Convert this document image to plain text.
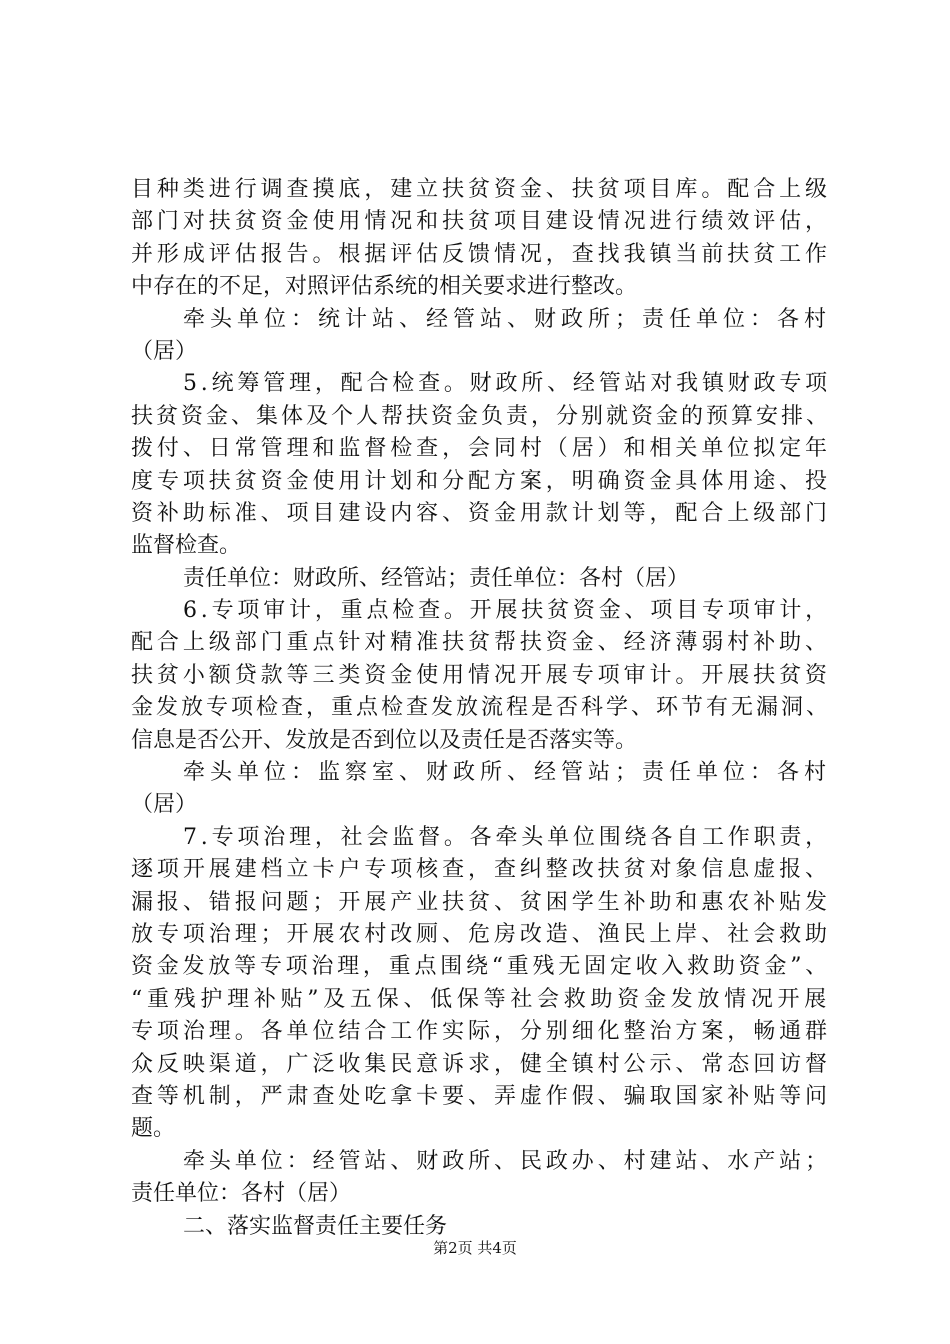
目种类进行调查摸底，建立扶贫资金、扶贫项目库。配合上级
部门对扶贫资金使用情况和扶贫项目建设情况进行绩效评估，
并形成评估报告。根据评估反馈情况，查找我镇当前扶贫工作
中存在的不足，对照评估系统的相关要求进行整改。
牵头单位：统计站、经管站、财政所；责任单位：各村
（居）
5.统筹管理，配合检查。财政所、经管站对我镇财政专项
扶贫资金、集体及个人帮扶资金负责，分别就资金的预算安排、
拨付、日常管理和监督检查，会同村（居）和相关单位拟定年
度专项扶贫资金使用计划和分配方案，明确资金具体用途、投
资补助标准、项目建设内容、资金用款计划等，配合上级部门
监督检查。
责任单位：财政所、经管站；责任单位：各村（居）
6.专项审计，重点检查。开展扶贫资金、项目专项审计，
配合上级部门重点针对精准扶贫帮扶资金、经济薄弱村补助、
扶贫小额贷款等三类资金使用情况开展专项审计。开展扶贫资
金发放专项检查，重点检查发放流程是否科学、环节有无漏洞、
信息是否公开、发放是否到位以及责任是否落实等。
牵头单位：监察室、财政所、经管站；责任单位：各村
（居）
7.专项治理，社会监督。各牵头单位围绕各自工作职责，
逐项开展建档立卡户专项核查，查纠整改扶贫对象信息虚报、
漏报、错报问题；开展产业扶贫、贫困学生补助和惠农补贴发
放专项治理；开展农村改厕、危房改造、渔民上岸、社会救助
资金发放等专项治理，重点围绕“重残无固定收入救助资金”、
“重残护理补贴”及五保、低保等社会救助资金发放情况开展
专项治理。各单位结合工作实际，分别细化整治方案，畅通群
众反映渠道，广泛收集民意诉求，健全镇村公示、常态回访督
查等机制，严肃查处吃拿卡要、弄虚作假、骗取国家补贴等问
题。
牵头单位：经管站、财政所、民政办、村建站、水产站；
责任单位：各村（居）
二、落实监督责任主要任务
第2页 共4页
